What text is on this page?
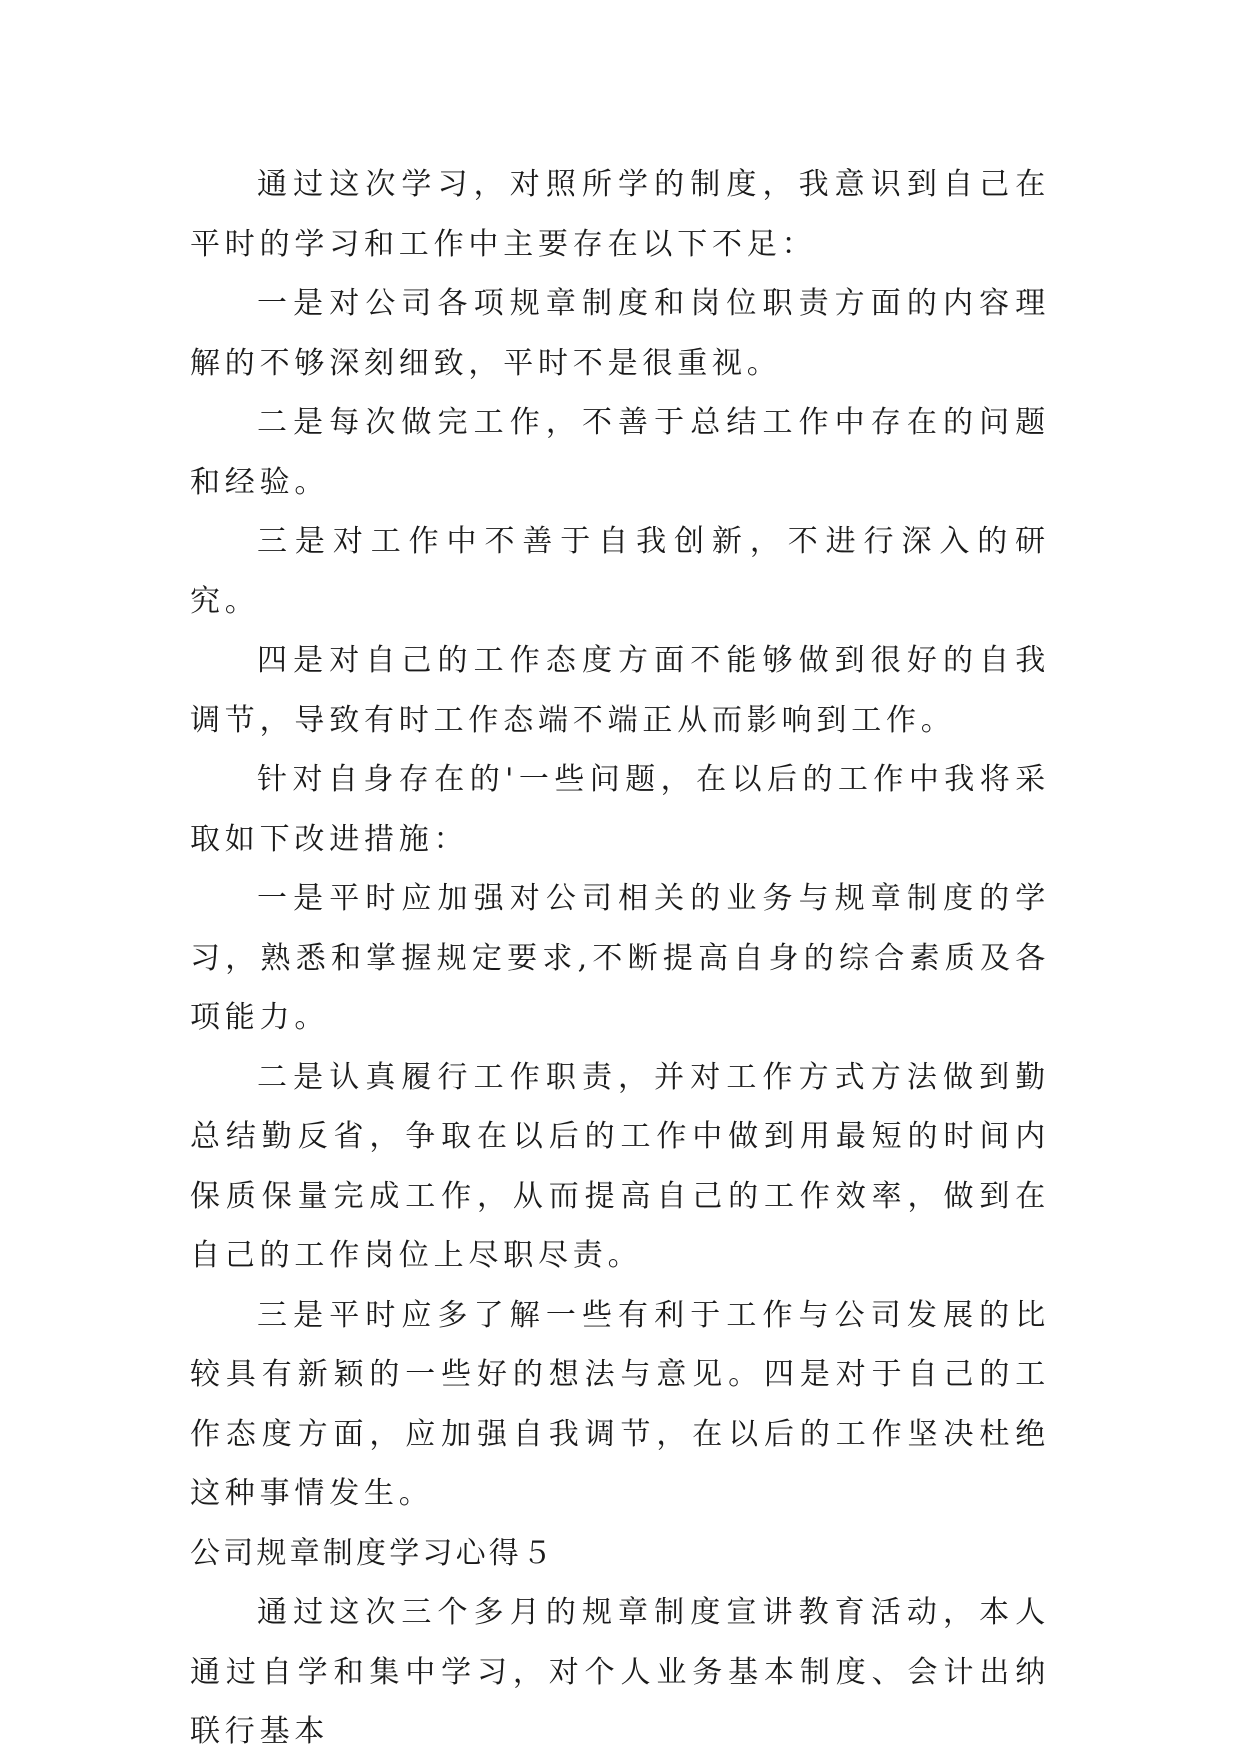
通过这次学习，对照所学的制度，我意识到自己在平时的学习和工作中主要存在以下不足：

一是对公司各项规章制度和岗位职责方面的内容理解的不够深刻细致，平时不是很重视。

二是每次做完工作，不善于总结工作中存在的问题和经验。

三是对工作中不善于自我创新，不进行深入的研究。

四是对自己的工作态度方面不能够做到很好的自我调节，导致有时工作态端不端正从而影响到工作。

针对自身存在的'一些问题，在以后的工作中我将采取如下改进措施：

一是平时应加强对公司相关的业务与规章制度的学习，熟悉和掌握规定要求,不断提高自身的综合素质及各项能力。

二是认真履行工作职责，并对工作方式方法做到勤总结勤反省，争取在以后的工作中做到用最短的时间内保质保量完成工作，从而提高自己的工作效率，做到在自己的工作岗位上尽职尽责。

三是平时应多了解一些有利于工作与公司发展的比较具有新颖的一些好的想法与意见。四是对于自己的工作态度方面，应加强自我调节，在以后的工作坚决杜绝这种事情发生。

公司规章制度学习心得５

通过这次三个多月的规章制度宣讲教育活动，本人通过自学和集中学习，对个人业务基本制度、会计出纳联行基本
